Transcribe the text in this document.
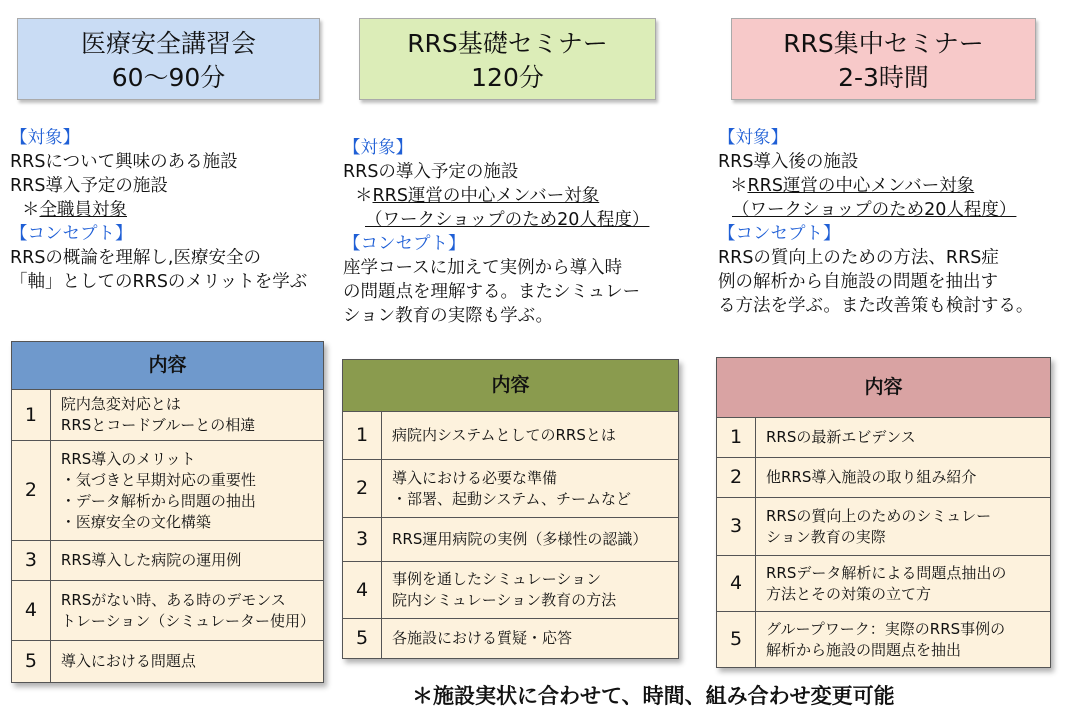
医療安全講習会
60〜90分
【対象】
RRSについて興味のある施設
RRS導入予定の施設
＊全職員対象
【コンセプト】
RRSの概論を理解し,医療安全の
「軸」としてのRRSのメリットを学ぶ
内容	
1	院内急変対応とは
RRSとコードブルーとの相違

2	RRS導入のメリット
・気づきと早期対応の重要性
・データ解析から問題の抽出
・医療安全の文化構築

3	RRS導入した病院の運用例

4	RRSがない時、ある時のデモンス
トレーション（シミュレーター使用）

5	導入における問題点
RRS基礎セミナー
120分
【対象】
RRSの導入予定の施設
＊RRS運営の中心メンバー対象
（ワークショップのため20人程度）
【コンセプト】
座学コースに加えて実例から導入時
の問題点を理解する。またシミュレー
ション教育の実際も学ぶ。
内容	
1	病院内システムとしてのRRSとは

2	導入における必要な準備
・部署、起動システム、チームなど

3	RRS運用病院の実例（多様性の認識）

4	事例を通したシミュレーション
院内シミュレーション教育の方法

5	各施設における質疑・応答
RRS集中セミナー
2-3時間
【対象】
RRS導入後の施設
＊RRS運営の中心メンバー対象
（ワークショップのため20人程度）
【コンセプト】
RRSの質向上のための方法、RRS症
例の解析から自施設の問題を抽出す
る方法を学ぶ。また改善策も検討する。
内容	
1	RRSの最新エビデンス

2	他RRS導入施設の取り組み紹介

3	RRSの質向上のためのシミュレー
ション教育の実際

4	RRSデータ解析による問題点抽出の
方法とその対策の立て方

5	グループワーク：実際のRRS事例の
解析から施設の問題点を抽出
＊施設実状に合わせて、時間、組み合わせ変更可能
